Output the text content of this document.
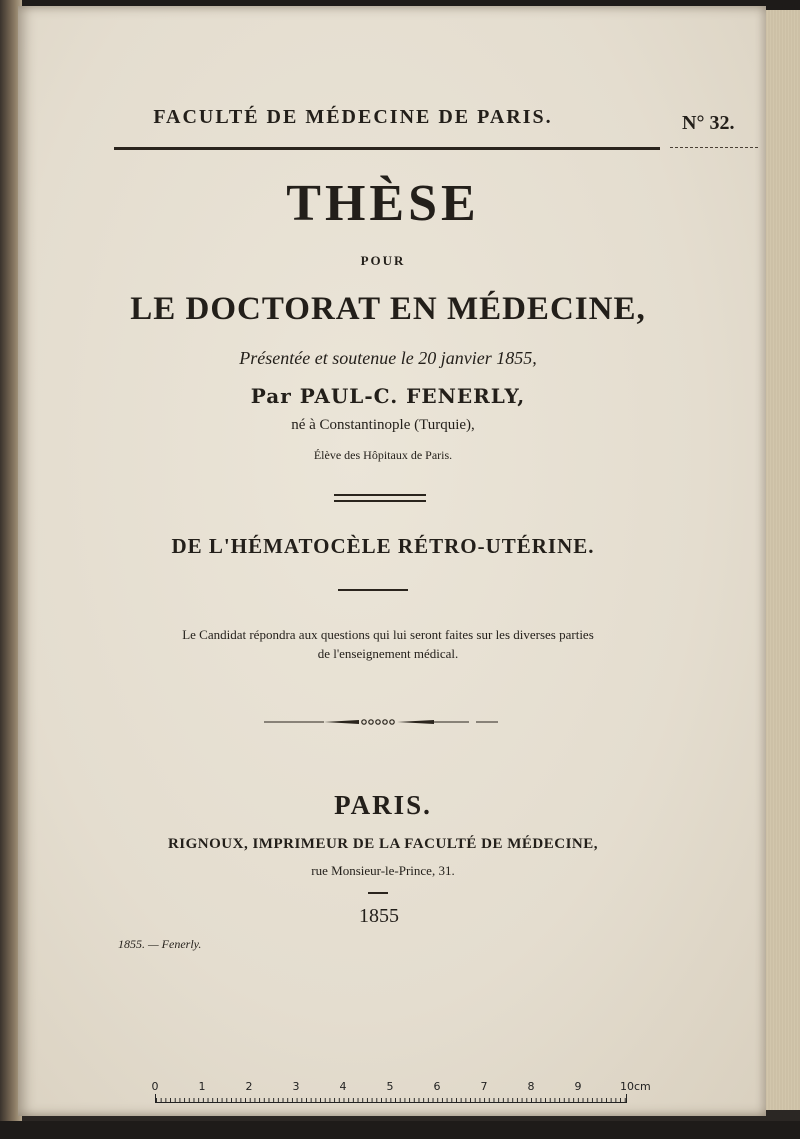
FACULTÉ DE MÉDECINE DE PARIS.	N° 32.
THÈSE
POUR
LE DOCTORAT EN MÉDECINE,
Présentée et soutenue le 20 janvier 1855,
Par PAUL-C. FENERLY,
né à Constantinople (Turquie),
Élève des Hôpitaux de Paris.
DE L'HÉMATOCÈLE RÉTRO-UTÉRINE.
Le Candidat répondra aux questions qui lui seront faites sur les diverses parties
de l'enseignement médical.
PARIS.
RIGNOUX, IMPRIMEUR DE LA FACULTÉ DE MÉDECINE,
rue Monsieur-le-Prince, 31.
1855
1855. — Fenerly.
0	1	2	3	4	5	6	7	8	9	10cm
